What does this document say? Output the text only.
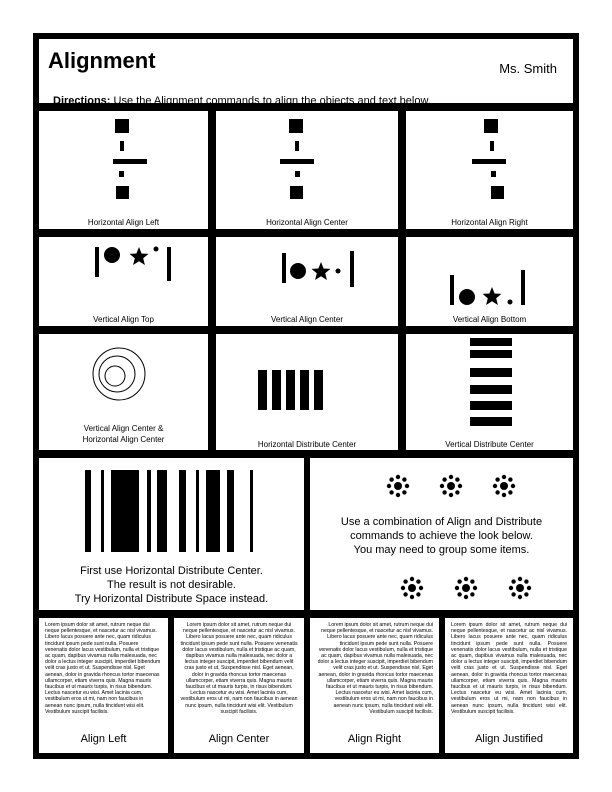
Alignment	Ms. Smith
Directions: Use the Alignment commands to align the objects and text below.
Horizontal Align Left	Horizontal Align Center	Horizontal Align Right
Vertical Align Top	Vertical Align Center	Vertical Align Bottom
Vertical Align Center &
Horizontal Align Center
Horizontal Distribute Center	Vertical Distribute Center
First use Horizontal Distribute Center.
The result is not desirable.
Try Horizontal Distribute Space instead.
Use a combination of Align and Distribute
commands to achieve the look below.
You may need to group some items.
Lorem ipsum dolor sit amet, rutrum neque dui neque pellentesque, et nascetur ac nisl vivamus. Libero lacus posuere ante nec, quam ridiculus tincidunt ipsum pede sunt nulla. Posuere venenatis dolor lacus vestibulum, nulla et tristique ac quam, dapibus vivamus nulla malesuada, nec dolor a lectus integer suscipit, imperdiet bibendum velit cras justo et ut. Suspendisse nisl. Eget aenean, dolor in gravida rhoncus tortor maecenas ullamcorper, etiam viverra quis. Magna mauris faucibus et ut mauris turpis, in risus bibendum. Lectus nascetur eu wisi. Amet lacinia cum, vestibulum eros ut mi, nam non faucibus in aenean nunc ipsum, nulla tincidunt wisi elit. Vestibulum suscipit facilisis.
Align Left
Lorem ipsum dolor sit amet, rutrum neque dui neque pellentesque, et nascetur ac nisl vivamus. Libero lacus posuere ante nec, quam ridiculus tincidunt ipsum pede sunt nulla. Posuere venenatis dolor lacus vestibulum, nulla et tristique ac quam, dapibus vivamus nulla malesuada, nec dolor a lectus integer suscipit, imperdiet bibendum velit cras justo et ut. Suspendisse nisl. Eget aenean, dolor in gravida rhoncus tortor maecenas ullamcorper, etiam viverra quis. Magna mauris faucibus et ut mauris turpis, in risus bibendum. Lectus nascetur eu wisi. Amet lacinia cum, vestibulum eros ut mi, nam non faucibus in aenean nunc ipsum, nulla tincidunt wisi elit. Vestibulum suscipit facilisis.
Align Center
Lorem ipsum dolor sit amet, rutrum neque dui neque pellentesque, et nascetur ac nisl vivamus. Libero lacus posuere ante nec, quam ridiculus tincidunt ipsum pede sunt nulla. Posuere venenatis dolor lacus vestibulum, nulla et tristique ac quam, dapibus vivamus nulla malesuada, nec dolor a lectus integer suscipit, imperdiet bibendum velit cras justo et ut. Suspendisse nisl. Eget aenean, dolor in gravida rhoncus tortor maecenas ullamcorper, etiam viverra quis. Magna mauris faucibus et ut mauris turpis, in risus bibendum. Lectus nascetur eu wisi. Amet lacinia cum, vestibulum eros ut mi, nam non faucibus in aenean nunc ipsum, nulla tincidunt wisi elit. Vestibulum suscipit facilisis.
Align Right
Lorem ipsum dolor sit amet, rutrum neque dui neque pellentesque, et nascetur ac nisl vivamus. Libero lacus posuere ante nec, quam ridiculus tincidunt ipsum pede sunt nulla. Posuere venenatis dolor lacus vestibulum, nulla et tristique ac quam, dapibus vivamus nulla malesuada, nec dolor a lectus integer suscipit, imperdiet bibendum velit cras justo et ut. Suspendisse nisl. Eget aenean, dolor in gravida rhoncus tortor maecenas ullamcorper, etiam viverra quis. Magna mauris faucibus et ut mauris turpis, in risus bibendum. Lectus nascetur eu wisi. Amet lacinia cum, vestibulum eros ut mi, nam non faucibus in aenean nunc ipsum, nulla tincidunt wisi elit. Vestibulum suscipit facilisis.
Align Justified
